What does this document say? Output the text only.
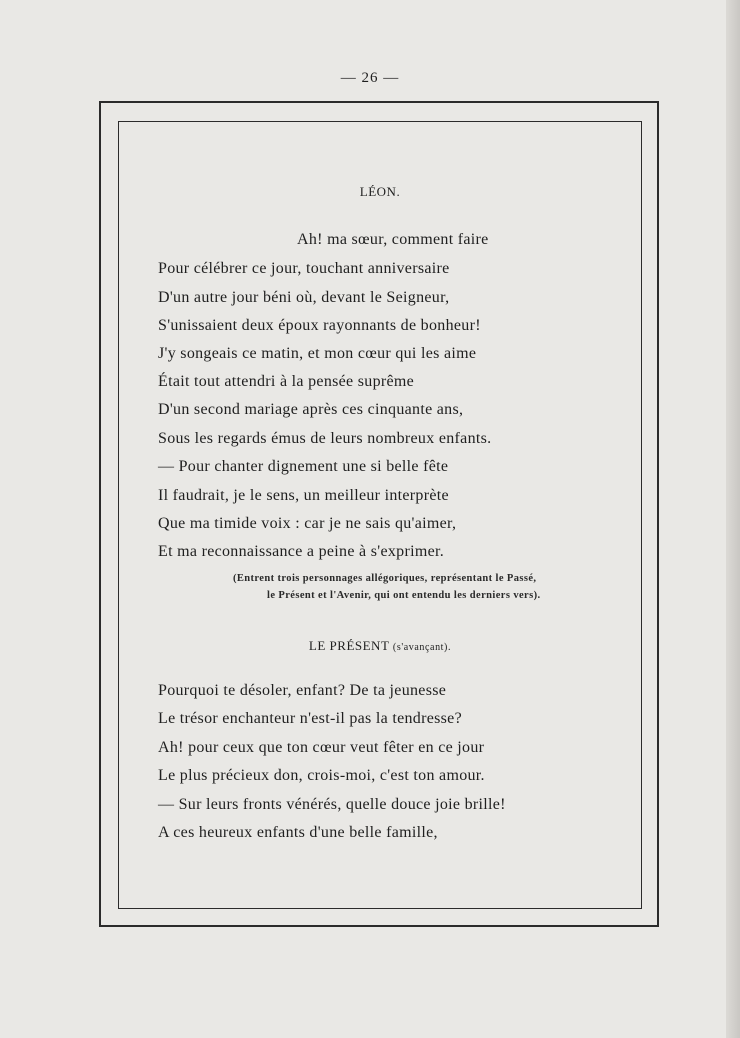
— 26 —
LÉON.
Ah! ma sœur, comment faire
Pour célébrer ce jour, touchant anniversaire
D'un autre jour béni où, devant le Seigneur,
S'unissaient deux époux rayonnants de bonheur!
J'y songeais ce matin, et mon cœur qui les aime
Était tout attendri à la pensée suprême
D'un second mariage après ces cinquante ans,
Sous les regards émus de leurs nombreux enfants.
— Pour chanter dignement une si belle fête
Il faudrait, je le sens, un meilleur interprète
Que ma timide voix : car je ne sais qu'aimer,
Et ma reconnaissance a peine à s'exprimer.
(Entrent trois personnages allégoriques, représentant le Passé,
le Présent et l'Avenir, qui ont entendu les derniers vers).
LE PRÉSENT (s'avançant).
Pourquoi te désoler, enfant? De ta jeunesse
Le trésor enchanteur n'est-il pas la tendresse?
Ah! pour ceux que ton cœur veut fêter en ce jour
Le plus précieux don, crois-moi, c'est ton amour.
— Sur leurs fronts vénérés, quelle douce joie brille!
A ces heureux enfants d'une belle famille,
